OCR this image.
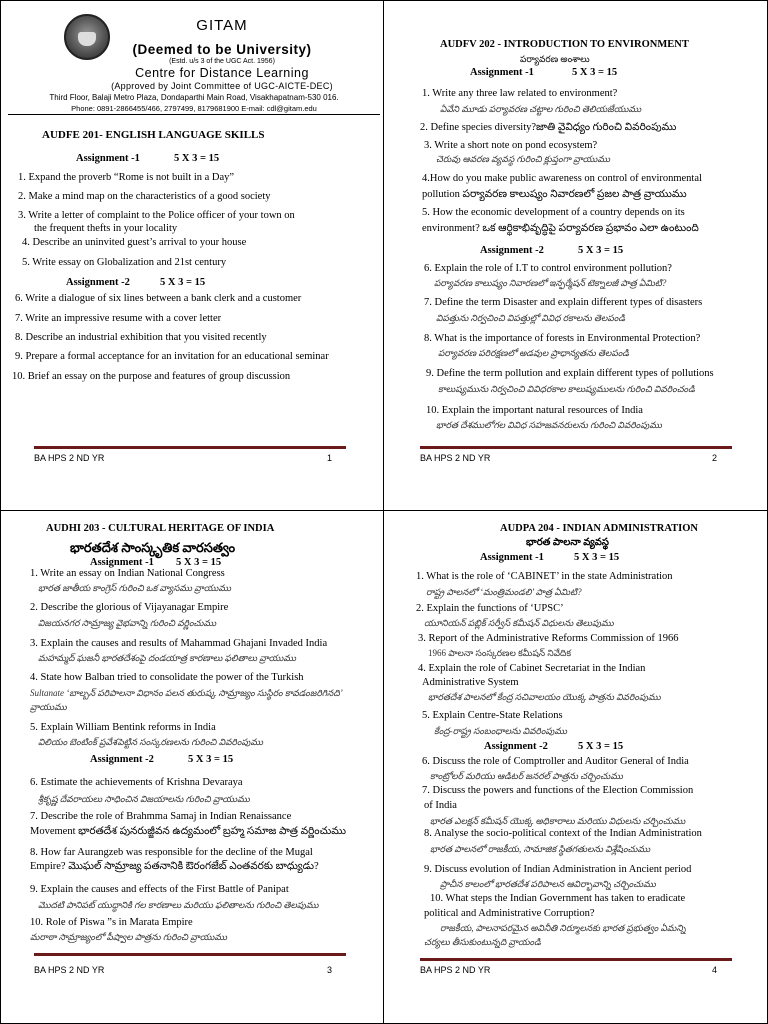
GITAM
(Deemed to be University)
(Estd. u/s 3 of the UGC Act. 1956)
Centre for Distance Learning
(Approved by Joint Committee of UGC-AICTE-DEC)
Third Floor, Balaji Metro Plaza, Dondaparthi Main Road, Visakhapatnam-530 016.
Phone: 0891-2866455/466, 2797499, 8179681900 E-mail: cdl@gitam.edu
AUDFE 201- ENGLISH LANGUAGE SKILLS
Assignment -1	5 X 3 = 15
1. Expand the proverb “Rome is not built in a Day”
2. Make a mind map on the characteristics of a good society
3. Write a letter of complaint to the Police officer of your town on
the frequent thefts in your locality
4. Describe an uninvited guest’s arrival to your house
5. Write essay on Globalization and 21st century
Assignment -2	5 X 3 = 15
6. Write a dialogue of six lines between a bank clerk and a customer
7. Write an impressive resume with a cover letter
8. Describe an industrial exhibition that you visited recently
9. Prepare a formal acceptance for an invitation for an educational seminar
10. Brief an essay on the purpose and features of group discussion
BA HPS 2 ND YR	1
AUDFV 202 - INTRODUCTION TO ENVIRONMENT
పర్యావరణ అంశాలు
Assignment -1	5 X 3 = 15
1. Write any three law related to environment?
ఏవేని మూడు పర్యావరణ చట్టాల గురించి తెలియజేయుము
2. Define species diversity?జాతి వైవిధ్యం గురించి వివరింపుము
3. Write a short note on pond ecosystem?
చెరువు ఆవరణ వ్యవస్థ గురించి క్లుప్తంగా వ్రాయుము
4.How do you make public awareness on control of environmental
pollution పర్యావరణ కాలుష్యం నివారణలో ప్రజల పాత్ర వ్రాయుము
5. How the economic development of a country depends on its
environment? ఒక ఆర్థికాభివృద్ధిపై పర్యావరణ ప్రభావం ఎలా ఉంటుంది
Assignment -2	5 X 3 = 15
6. Explain the role of I.T to control environment pollution?
పర్యావరణ కాలుష్యం నివారణలో ఇన్ఫర్మేషన్ టెక్నాలజీ పాత్ర ఏమిటి?
7. Define the term Disaster and explain different types of disasters
విపత్తును నిర్వచించి విపత్తుల్లో వివిధ రకాలను తెలపండి
8. What is the importance of forests in Environmental Protection?
పర్యావరణ పరిరక్షణలో అడవుల ప్రాధాన్యతను తెలపండి
9. Define the term pollution and explain different types of pollutions
కాలుష్యమును నిర్వచించి వివిధరకాల కాలుష్యములను గురించి వివరించండి
10. Explain the important natural resources of India
భారత దేశములోగల వివిధ సహజవనరులను గురించి వివరింపుము
BA HPS 2 ND YR	2
AUDHI 203 - CULTURAL HERITAGE OF INDIA
భారతదేశ సాంస్కృతిక వారసత్వం
Assignment -1 5 X 3 = 15
1. Write an essay on Indian National Congress
భారత జాతీయ కాంగ్రెస్ గురించి ఒక వ్యాసము వ్రాయుము
2. Describe the glorious of Vijayanagar Empire
విజయనగర సామ్రాజ్య వైభవాన్ని గురించి వర్ణించుము
3. Explain the causes and results of Mahammad Ghajani Invaded India
మహమ్మద్ ఘజనీ భారతదేశంపై దండయాత్ర కారణాలు ఫలితాలు వ్రాయుము
4. State how Balban tried to consolidate the power of the Turkish
Sultanate ‘బాల్బన్ పరిపాలనా విధానం పలన తురుష్క సామ్రాజ్యం సుస్థిరం కావడంజరిగినది’
వ్రాయుము
5. Explain William Bentink reforms in India
విలియం బెంటింక్ ప్రవేశపెట్టిన సంస్కరణలను గురించి వివరింపుము
Assignment -2	5 X 3 = 15
6. Estimate the achievements of Krishna Devaraya
శ్రీకృష్ణ దేవరాయలు సాధించిన విజయాలను గురించి వ్రాయుము
7. Describe the role of Brahmma Samaj in Indian Renaissance
Movement భారతదేశ పునరుజ్జీవన ఉద్యమంలో బ్రహ్మ సమాజ పాత్ర వర్ణించుము
8. How far Aurangzeb was responsible for the decline of the Mugal
Empire? మొఘల్ సామ్రాజ్య పతనానికి ఔరంగజేబ్ ఎంతవరకు బాధ్యుడు?
9. Explain the causes and effects of the First Battle of Panipat
మొదటి పానిపట్ యుద్ధానికి గల కారణాలు మరియు ఫలితాలను గురించి తెలపుము
10. Role of Piswa ”s in Marata Empire
మరాఠా సామ్రాజ్యంలో పీష్వాల పాత్రను గురించి వ్రాయుము
BA HPS 2 ND YR	3
AUDPA 204 - INDIAN ADMINISTRATION
భారత పాలనా వ్యవస్థ
Assignment -1	5 X 3 = 15
1. What is the role of ‘CABINET’ in the state Administration
రాష్ట్ర పాలనలో ‘మంత్రిమండలి’ పాత్ర ఏమిటి?
2. Explain the functions of ‘UPSC’
యూనియన్ పబ్లిక్ సర్వీస్ కమీషన్ విధులను తెలుపుము
3. Report of the Administrative Reforms Commission of 1966
1966 పాలనా సంస్కరణల కమీషన్ నివేదిక
4. Explain the role of Cabinet Secretariat in the Indian
Administrative System
భారతదేశ పాలనలో కేంద్ర సచివాలయం యొక్క పాత్రను వివరింపుము
5. Explain Centre-State Relations
కేంద్ర-రాష్ట్ర సంబంధాలను వివరింపుము
Assignment -2	5 X 3 = 15
6. Discuss the role of Comptroller and Auditor General of India
కాంట్రోలర్ మరియు ఆడిటర్ జనరల్ పాత్రను చర్చించుము
7. Discuss the powers and functions of the Election Commission
of India
భారత ఎలక్షన్ కమీషన్ యొక్క అధికారాలు మరియు విధులను చర్చించుము
8. Analyse the socio-political context of the Indian Administration
భారత పాలనలో రాజకీయ, సామాజిక స్థితగతులను విశ్లేషించుము
9. Discuss evolution of Indian Administration in Ancient period
ప్రాచీన కాలంలో భారతదేశ పరిపాలన ఆవిర్భావాన్ని చర్చించుము
10. What steps the Indian Government has taken to eradicate
political and Administrative Corruption?
రాజకీయ, పాలనాపరమైన అవినీతి నిర్మూలనకు భారత ప్రభుత్వం ఏమన్ని
చర్యలు తీసుకుంటున్నది వ్రాయండి
BA HPS 2 ND YR	4
